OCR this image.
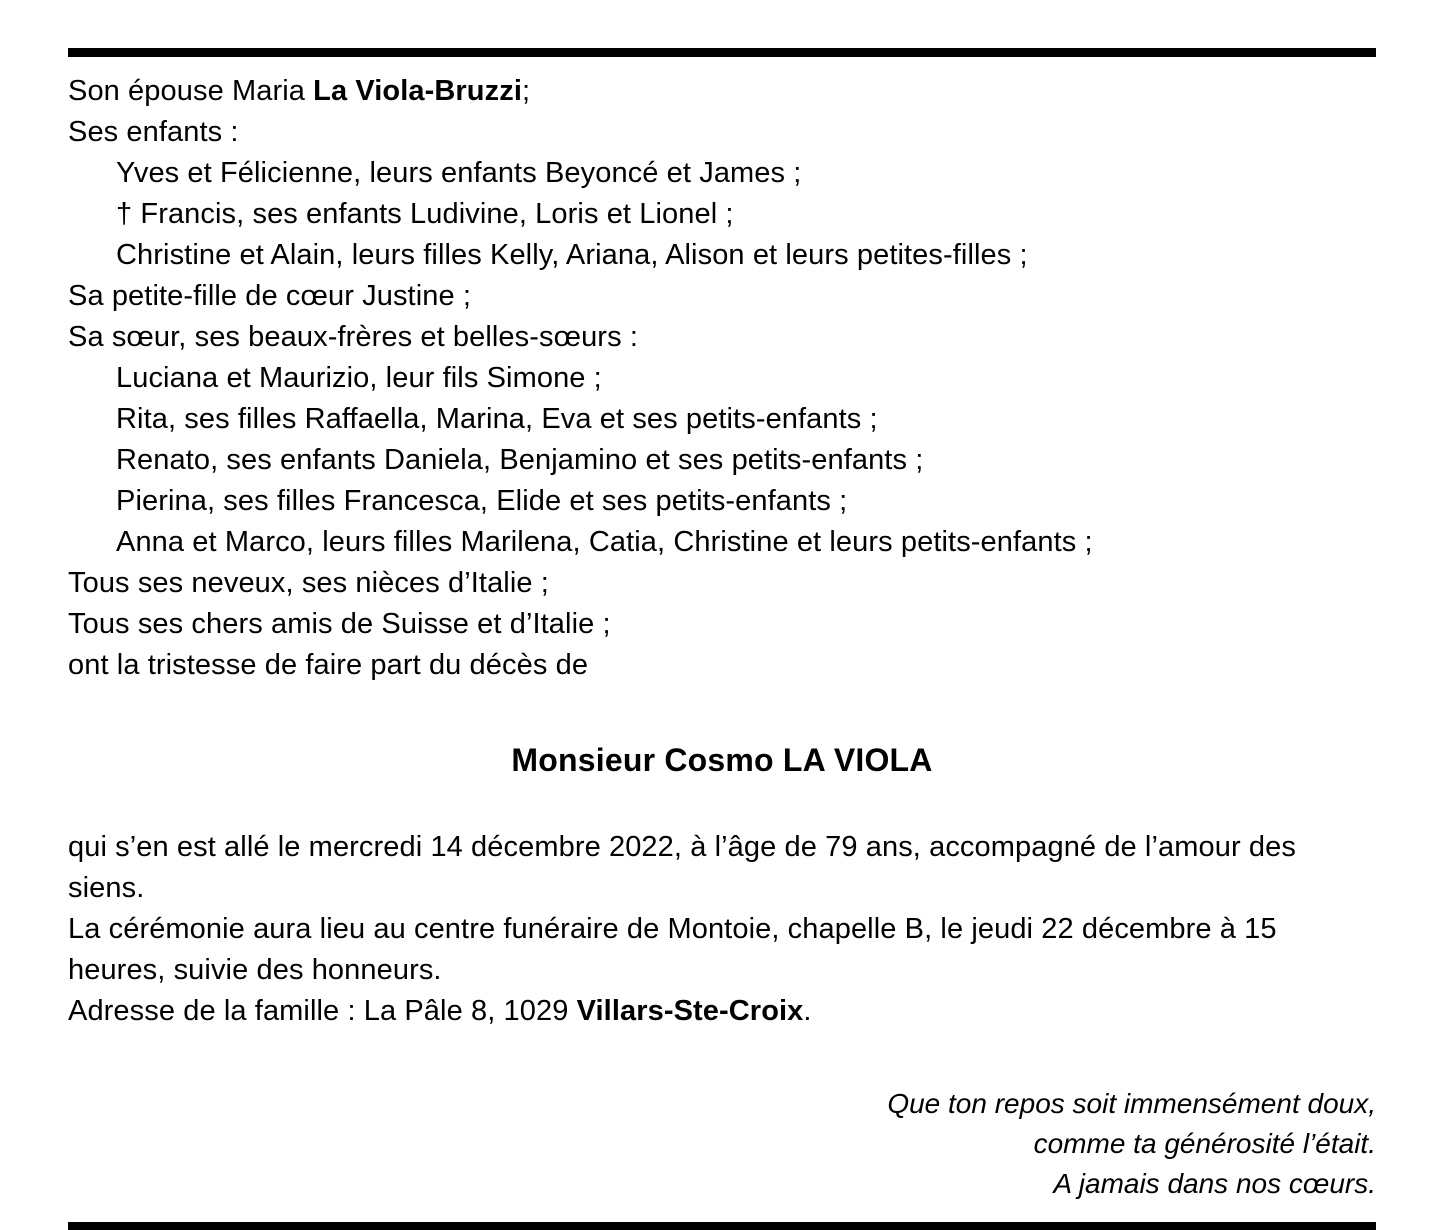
Son épouse Maria La Viola-Bruzzi;
Ses enfants :
Yves et Félicienne, leurs enfants Beyoncé et James ;
† Francis, ses enfants Ludivine, Loris et Lionel ;
Christine et Alain, leurs filles Kelly, Ariana, Alison et leurs petites-filles ;
Sa petite-fille de cœur Justine ;
Sa sœur, ses beaux-frères et belles-sœurs :
Luciana et Maurizio, leur fils Simone ;
Rita, ses filles Raffaella, Marina, Eva et ses petits-enfants ;
Renato, ses enfants Daniela, Benjamino et ses petits-enfants ;
Pierina, ses filles Francesca, Elide et ses petits-enfants ;
Anna et Marco, leurs filles Marilena, Catia, Christine et leurs petits-enfants ;
Tous ses neveux, ses nièces d’Italie ;
Tous ses chers amis de Suisse et d’Italie ;
ont la tristesse de faire part du décès de
Monsieur Cosmo LA VIOLA
qui s’en est allé le mercredi 14 décembre 2022, à l’âge de 79 ans, accompagné de l’amour des siens.
La cérémonie aura lieu au centre funéraire de Montoie, chapelle B, le jeudi 22 décembre à 15 heures, suivie des honneurs.
Adresse de la famille : La Pâle 8, 1029 Villars-Ste-Croix.
Que ton repos soit immensément doux,
comme ta générosité l’était.
A jamais dans nos cœurs.
